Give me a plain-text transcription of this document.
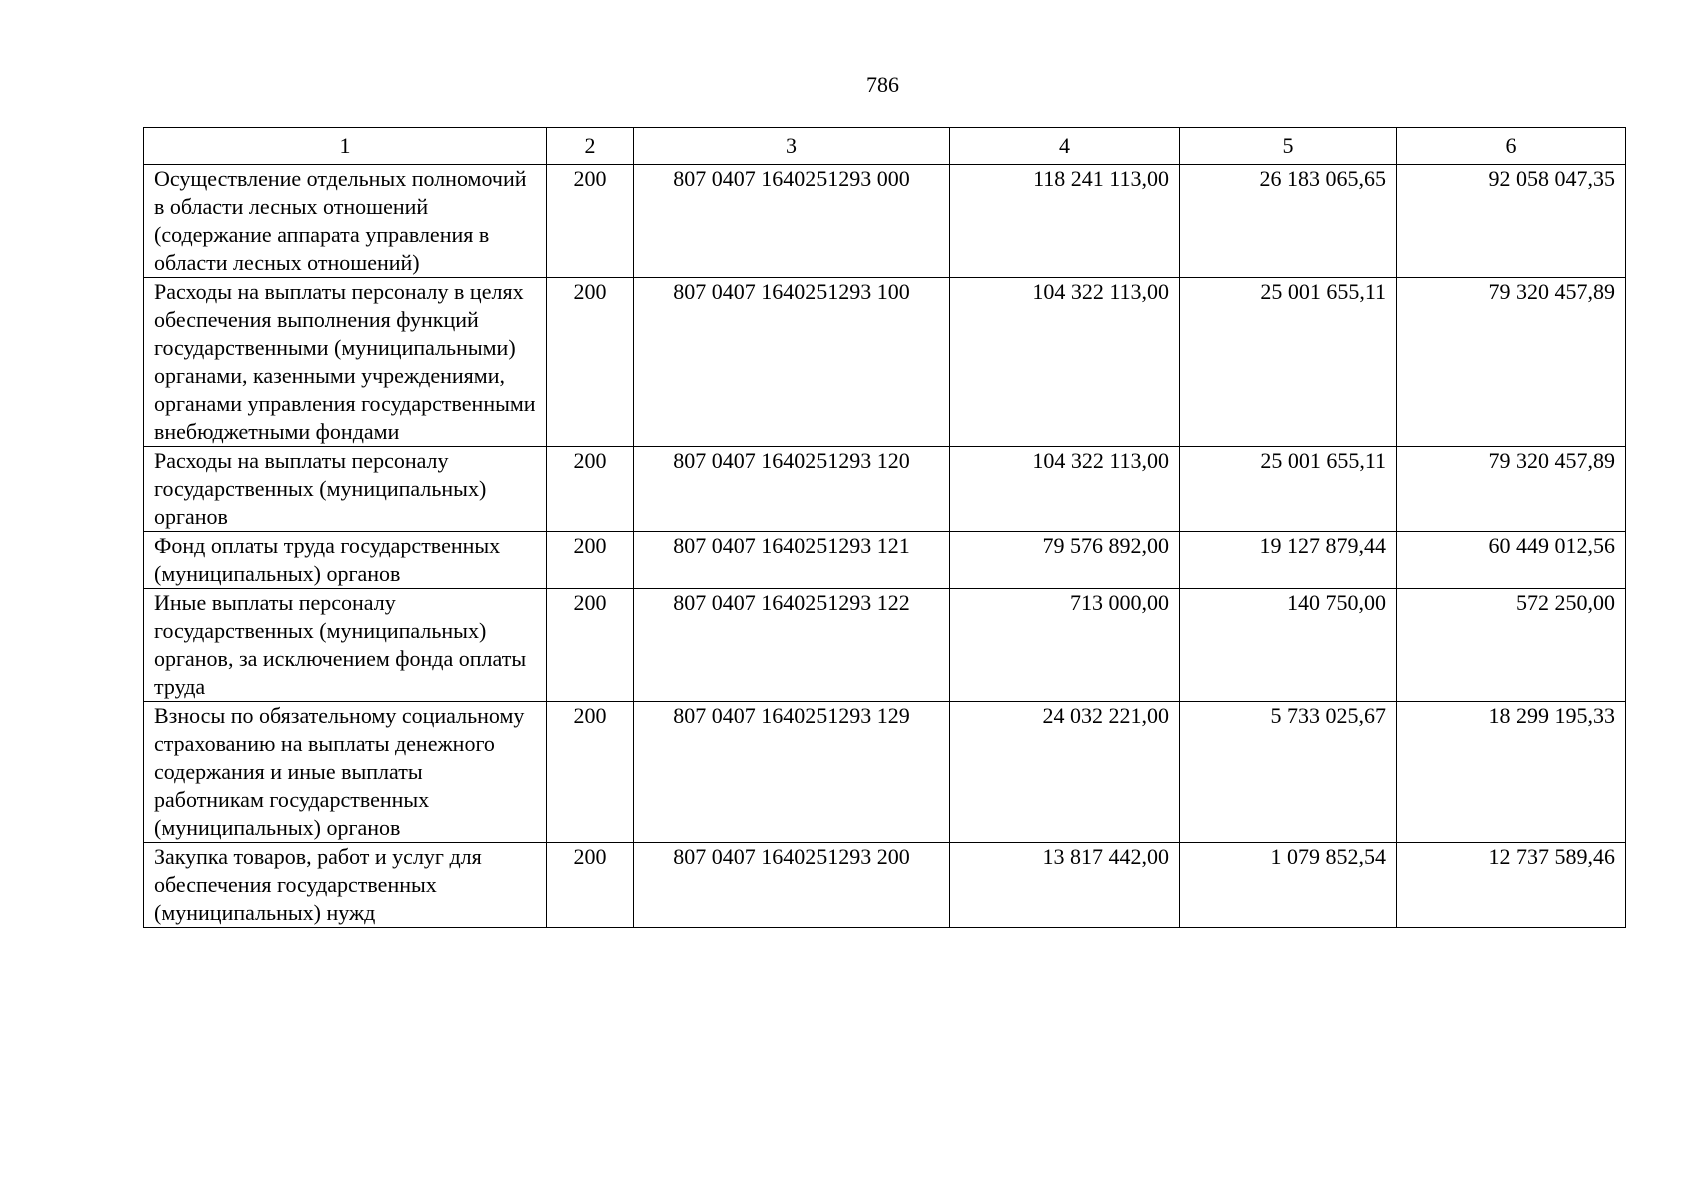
786
1	2	3	4	5	6
Осуществление отдельных полномочий в области лесных отношений (содержание аппарата управления в области лесных отношений)	200	807 0407 1640251293 000	118 241 113,00	26 183 065,65	92 058 047,35
Расходы на выплаты персоналу в целях обеспечения выполнения функций государственными (муниципальными) органами, казенными учреждениями, органами управления государственными внебюджетными фондами	200	807 0407 1640251293 100	104 322 113,00	25 001 655,11	79 320 457,89
Расходы на выплаты персоналу государственных (муниципальных) органов	200	807 0407 1640251293 120	104 322 113,00	25 001 655,11	79 320 457,89
Фонд оплаты труда государственных (муниципальных) органов	200	807 0407 1640251293 121	79 576 892,00	19 127 879,44	60 449 012,56
Иные выплаты персоналу государственных (муниципальных) органов, за исключением фонда оплаты труда	200	807 0407 1640251293 122	713 000,00	140 750,00	572 250,00
Взносы по обязательному социальному страхованию на выплаты денежного содержания и иные выплаты работникам государственных (муниципальных) органов	200	807 0407 1640251293 129	24 032 221,00	5 733 025,67	18 299 195,33
Закупка товаров, работ и услуг для обеспечения государственных (муниципальных) нужд	200	807 0407 1640251293 200	13 817 442,00	1 079 852,54	12 737 589,46
